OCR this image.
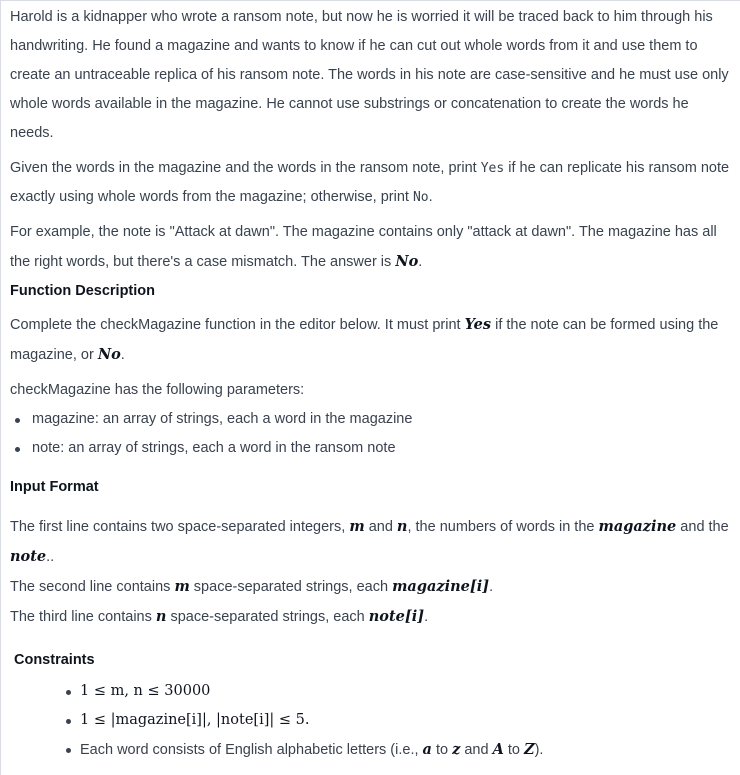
Harold is a kidnapper who wrote a ransom note, but now he is worried it will be traced back to him through his handwriting. He found a magazine and wants to know if he can cut out whole words from it and use them to create an untraceable replica of his ransom note. The words in his note are case-sensitive and he must use only whole words available in the magazine. He cannot use substrings or concatenation to create the words he needs.

Given the words in the magazine and the words in the ransom note, print Yes if he can replicate his ransom note exactly using whole words from the magazine; otherwise, print No.

For example, the note is "Attack at dawn". The magazine contains only "attack at dawn". The magazine has all the right words, but there's a case mismatch. The answer is No.

Function Description

Complete the checkMagazine function in the editor below. It must print Yes if the note can be formed using the magazine, or No.

checkMagazine has the following parameters:

magazine: an array of strings, each a word in the magazine
note: an array of strings, each a word in the ransom note
Input Format

The first line contains two space-separated integers, m and n, the numbers of words in the magazine and the note..

The second line contains m space-separated strings, each magazine[i].

The third line contains n space-separated strings, each note[i].

Constraints
1 ≤ m, n ≤ 30000
1 ≤ |magazine[i]|, |note[i]| ≤ 5.
Each word consists of English alphabetic letters (i.e., a to z and A to Z).
